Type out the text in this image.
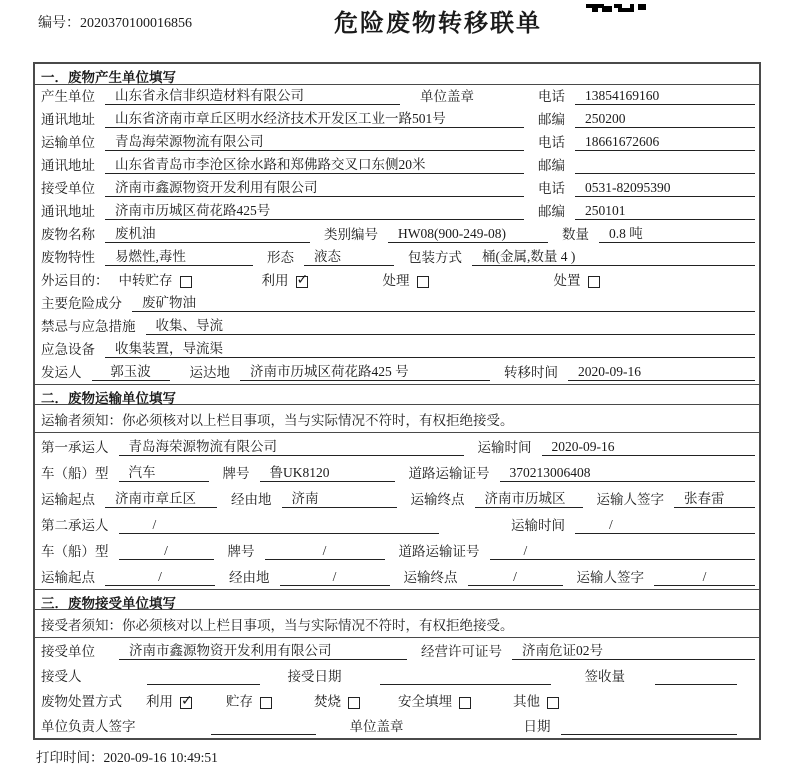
编号：2020370100016856	危险废物转移联单
一．废物产生单位填写
产生单位	山东省永信非织造材料有限公司	单位盖章	电话	13854169160
通讯地址	山东省济南市章丘区明水经济技术开发区工业一路501号	邮编	250200
运输单位	青岛海荣源物流有限公司	电话	18661672606
通讯地址	山东省青岛市李沧区徐水路和郑佛路交叉口东侧20米	邮编
接受单位	济南市鑫源物资开发利用有限公司	电话	0531-82095390
通讯地址	济南市历城区荷花路425号	邮编	250101
废物名称	废机油	类别编号	HW08(900-249-08)	数量	0.8 吨
废物特性	易燃性,毒性	形态	液态	包装方式	桶(金属,数量 4 )
外运目的： 中转贮存	利用 ✓	处理	处置
主要危险成分	废矿物油
禁忌与应急措施	收集、导流
应急设备	收集装置，导流渠
发运人	郭玉波	运达地	济南市历城区荷花路425 号	转移时间	2020-09-16
二．废物运输单位填写
运输者须知：你必须核对以上栏目事项，当与实际情况不符时，有权拒绝接受。
第一承运人	青岛海荣源物流有限公司	运输时间	2020-09-16
车（船）型	汽车	牌号	鲁UK8120	道路运输证号	370213006408
运输起点	济南市章丘区	经由地	济南	运输终点	济南市历城区	运输人签字	张春雷
第二承运人	/	运输时间	/
车（船）型	/	牌号	/	道路运输证号	/
运输起点	/	经由地	/	运输终点	/	运输人签字	/
三．废物接受单位填写
接受者须知：你必须核对以上栏目事项，当与实际情况不符时，有权拒绝接受。
接受单位	济南市鑫源物资开发利用有限公司	经营许可证号	济南危证02号
接受人	接受日期	签收量
废物处置方式 利用 ✓	贮存	焚烧	安全填埋	其他
单位负责人签字	单位盖章	日期
打印时间：2020-09-16 10:49:51
